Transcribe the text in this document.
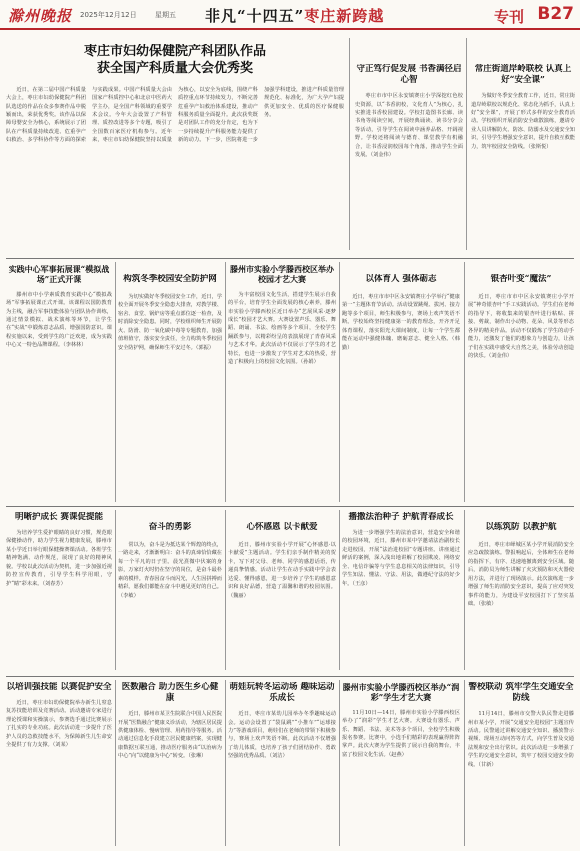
滁州晚报 2025年12月12日	星期五 非凡“十四五”枣庄新跨越	专刊 B27
枣庄市妇幼保健院产科团队作品
获全国产科质量大会优秀奖

近日，在第二届中国产科质量大会上，枣庄市妇幼保健院产科团队选送的作品在众多参赛作品中脱颖而出，荣获优秀奖。该作品以保障母婴安全为核心，系统展示了团队在产科质量持续改进、危重孕产妇救治、多学科协作等方面的探索与实践成果。中国产科质量大会由国家产科质控中心和北京中医药大学主办，是全国产科领域的重要学术会议。今年大会设置了产科管理、质控改进等多个专题，吸引了全国数百家医疗机构参与。近年来，枣庄市妇幼保健院坚持以质量为核心，以安全为底线，围绕产科质控重点环节持续发力，不断完善危重孕产妇救治体系建设，推动产科服务质量全面提升。此次获奖既是对团队工作的充分肯定，也为下一步持续提升产科服务能力提供了新的动力。下一步，医院将进一步加强学科建设，推进产科质量管理规范化、标准化，为广大孕产妇提供更加安全、优质的医疗保健服务。

守正笃行促发展 书香满径启心智

枣庄市市中区永安镇赛庄小学深挖红色校史资源，以“书香润校，文化育人”为核心，扎实推进书香校园建设。学校打造图书长廊、读书角等阅读空间，开展经典诵读、读书分享会等活动，引导学生在阅读中涵养品格、开阔视野。学校还将阅读与德育、课堂教学有机融合，让书香浸润校园每个角落，推动学生全面发展。（刘金伟）

常庄街道岸岭联校 认真上好“安全课”

为做好冬季安全教育工作，近日，常庄街道岸岭联校以规范化、常态化为抓手，认真上好“安全课”，开展了形式多样的安全教育活动。学校组织开展消防安全疏散演练，邀请专业人员讲解防火、防冻、防溺水及交通安全知识，引导学生增强安全意识，提升自救互救能力，筑牢校园安全防线。（张斯悦）

实践中心军事拓展课“模拟战场”正式开课

滕州市中小学素质教育实践中心“模拟战场”军事拓展课正式开课。该课程以国防教育为主线，融合军事技能体验与团队协作训练，通过情景模拟、战术演练等环节，让学生在“实战”中锻炼意志品质、增强国防意识。课程实施以来，受到学生的广泛欢迎，成为实践中心又一特色品牌课程。（李林林）

构筑冬季校园安全防护网

为切实做好冬季校园安全工作，近日，学校全面开展冬季安全隐患大排查，对教学楼、宿舍、食堂、锅炉房等重点部位逐一检查，及时消除安全隐患。同时，学校组织师生开展防火、防滑、防一氧化碳中毒等专题教育，加强值班值守，落实安全责任，全力构筑冬季校园安全防护网，确保师生平安过冬。（郭振）

滕州市实验小学滕西校区举办校园才艺大赛

为丰富校园文化生活，搭建学生展示自我的平台，培育学生全面发展的核心素养，滕州市实验小学滕西校区近日举办“艺展风采·逐梦成长”校园才艺大赛。大赛设置声乐、器乐、舞蹈、朗诵、书法、绘画等多个项目，全校学生踊跃参与，以精彩纷呈的表演展现了青春风采与艺术才华。此次活动不仅展示了学生的才艺特长，也进一步激发了学生对艺术的热爱，营造了积极向上的校园文化氛围。（孙娟）

以体育人 强体砺志

近日，枣庄市市中区永安镇赛庄小学举行“健康第一”主题体育节活动。活动设置跳绳、拔河、接力跑等多个项目，师生积极参与，赛场上欢声笑语不断。学校始终坚持健康第一的教育理念，开齐开足体育课程，落实阳光大课间制度，让每一个学生都能在运动中强健体魄、磨砺意志、健全人格。（韩勤）

银杏叶变“魔法”

近日，枣庄市市中区永安镇赛庄小学开展“神奇银杏叶”手工实践活动。学生们在老师的指导下，将收集来的银杏叶进行粘贴、拼接、剪裁，制作出小动物、花朵、风景等形态各异的精美作品。活动不仅锻炼了学生的动手能力，还激发了他们的想象力与创造力，让孩子们在实践中感受大自然之美，体验劳动创造的快乐。（刘金伟）

明晰护成长 赛课促提能

为培养学生爱护眼睛的良好习惯，规范眼保健操动作，助力学生视力健康发展，滕州市某小学近日举行眼保健操赛课活动。各班学生精神饱满、动作规范，展现了良好的精神风貌。学校以此次活动为契机，进一步加强近视防控宣传教育，引导学生科学用眼，守护“睛”彩未来。（刘春芳）

奋斗的勇影

常以为，奋斗是为抵达某个辉煌的终点，一路走来，才渐渐明白：奋斗的真谛恰恰藏在每一个平凡的日子里。晨光熹微中伏案的身影，万家灯火时仍在坚守的岗位，是奋斗最朴素的模样。青春因奋斗而闪光，人生因拼搏而精彩。愿我们都能在奋斗中遇见更好的自己。（李敏）

心怀感恩 以卡献爱

近日，滕州市实验小学开展“心怀感恩·以卡献爱”主题活动。学生们亲手制作精美的贺卡，写下对父母、老师、同学的感恩话语，传递真挚情感。活动让学生在动手实践中学会表达爱、懂得感恩，进一步培养了学生的感恩意识和良好品德，营造了温馨和谐的校园氛围。（魏丽）

播撒法治种子 护航青春成长

为进一步增强学生的法治意识，营造安全和谐的校园环境，近日，滕州市某中学邀请法治副校长走进校园，开展“法治进校园”专题讲座。讲座通过鲜活的案例，深入浅出地讲解了校园欺凌、网络安全、电信诈骗等与学生息息相关的法律知识，引导学生知法、懂法、守法、用法，做遵纪守法的好少年。（王彦）

以练筑防 以教护航

近日，枣庄市峄城区某小学开展消防安全应急疏散演练。警报响起后，全体师生在老师的指挥下，有序、迅速地撤离到安全区域。随后，消防员为师生讲解了火灾预防和灭火器使用方法，并进行了现场演示。此次演练进一步增强了师生的消防安全意识，提高了应对突发事件的能力，为建设平安校园打下了坚实基础。（张敏）

以培训强技能 以赛促护安全

近日，枣庄市妇幼保健院举办新生儿窒息复苏技能培训及竞赛活动。活动邀请专家进行理论授课和实操演示，参赛选手通过比赛展示了扎实的专业功底。此次活动进一步提升了医护人员的急救技能水平，为保障新生儿生命安全提供了有力支撑。（刘某）

医数融合 助力医生乡心健康

近日，滕州市某卫生院联合中国人民医院开展“医数融合”健康义诊活动，为辖区居民提供健康体检、慢病管理、用药指导等服务。活动通过信息化手段建立居民健康档案，实现健康数据互联互通，推动医疗服务由“以治病为中心”向“以健康为中心”转变。（张琳）

萌娃玩转冬运动场 趣味运动乐成长

近日，枣庄市某幼儿园举办冬季趣味运动会。运动会设置了“袋鼠跳”“小推车”“运球接力”等游戏项目，萌娃们在老师的带领下积极参与，赛场上欢声笑语不断。此次活动不仅增强了幼儿体质，也培养了孩子们团结协作、勇敢坚强的优秀品质。（刘洁）

滕州市实验小学滕西校区举办“润彩”学生才艺大赛

11月10日—14日，滕州市实验小学滕西校区举办了“润彩”学生才艺大赛。大赛设有器乐、声乐、舞蹈、书法、美术等多个项目，全校学生积极报名参赛。比赛中，小选手们精彩的表现赢得阵阵掌声。此次大赛为学生提供了展示自我的舞台，丰富了校园文化生活。（赵燕）

警校联动 筑牢学生交通安全防线

11月14日，滕州市交警大队民警走进滕州市某小学，开展“交通安全进校园”主题宣传活动。民警通过讲解交通安全知识、播放警示视频、现场互动问答等方式，向学生普及交通法规和安全出行常识。此次活动进一步增强了学生的交通安全意识，筑牢了校园交通安全防线。（甘新）
